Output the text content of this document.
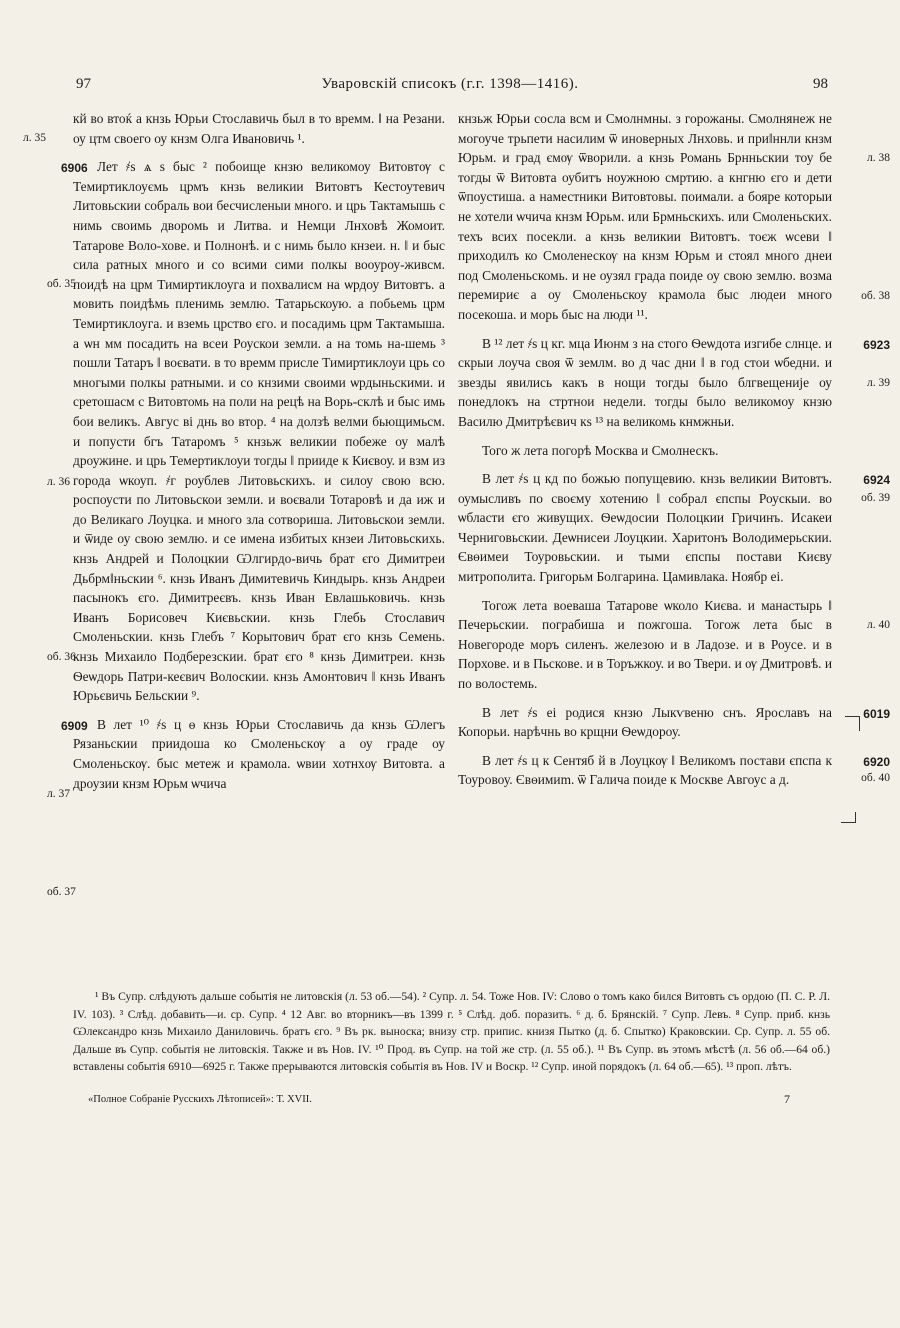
97	Уваровскій списокъ (г.г. 1398—1416).	98

л. 35
кй во втоќ а кнзь Юрьи Стославичь был в то времм. ‖ на Резани. оу цтм своего оу кнзм Олга Ивановичь ¹.

6906
об. 35
л. 36
об. 36
л. 37
об. 37
Лет ҂ѕ ѧ ѕ быс ² побоище кнзю великомоу Витовтѹ с Темиртиклоуємь црмъ кнзь великии Витовтъ Кестоутевич Литовьскии собраль вои бесчисленыи много. и црь Тактамышь с нимь своимь дворомь и Литва. и Немци Лнховѣ Жомоит. Татарове Воло-хове. и Полнонѣ. и с нимь было кнзеи. н. ‖ и быс сила ратных много и со всими сими полкы вооуроу-живсм. поидѣ на црм Тимиртиклоуга и похвалисм на ѡрдоу Витовтъ. а мовить поидѣмь пленимь землю. Татарьскоую. а побьемь црм Темиртиклоуга. и вземь црство єго. и посадимь црм Тактамыша. а ѡн мм посадить на всеи Роускои земли. а на томь на-шемь ³ пошли Татаръ ‖ воєвати. в то времм присле Тимиртиклоуи црь со многыми полкы ратными. и со кнзими своими ѡрдыньскими. и сретошасм с Витовтомь на поли на рецѣ на Ворь-склѣ и быс имь бои великъ. Авгус ві днь во втор. ⁴ на долзѣ велми бьющимьсм. и попусти бгъ Татаромъ ⁵ кнзьж великии побеже оу малѣ дроужине. и црь Темертиклоуи тогды ‖ прииде к Києвоу. и взм из города ѡкоуп. ҂г роублев Литовьскихъ. и силоу свою всю. роспоусти по Литовьскои земли. и воєвали Тотаровѣ и да иж и до Великаго Лоуцка. и много зла сотвориша. Литовьскои земли. и ѿиде оу свою землю. и се имена избитых кнзеи Литовьскихь. кнзь Андрей и Полоцкии Ѡлгирдо-вичь брат єго Димитреи Дьбрм‖ньскии ⁶. кнзь Иванъ Димитевичь Киндырь. кнзь Андреи пасынокъ єго. Димитреєвъ. кнзь Иван Евлашьковичь. кнзь Иванъ Борисовеч Києвьскии. кнзь Глебь Стославич Смоленьскии. кнзь Глебъ ⁷ Корытович брат єго кнзь Семень. кнзь Михаило Подберезскии. брат єго ⁸ кнзь Димитреи. кнзь Ѳеѡдорь Патри-кеєвич Волоскии. кнзь Амонтович ‖ кнзь Иванъ Юрьєвичь Бельскии ⁹.

6909 В лет ¹⁰ ҂ѕ ц ѳ кнзь Юрьи Стославичь да кнзь Ѡлегъ Рязаньскии приидоша ко Смоленьскѹ а оу граде оу Смоленьскѹ. быс метеж и крамола. ѡвии хотнхѹ Витовта. а дроузии кнзм Юрьм ѡчича

л. 38
об. 38
кнзьж Юрьи сосла всм и Смолнмны. з горожаны. Смолнянеж не могоуче трьпети насилим ѿ иноверных Лнховь. и при‖ннли кнзм Юрьм. и град ємѹ ѿворили. а кнзь Романь Брнньскии тоу бе тогды ѿ Витовта оубитъ ноужною смртию. а кнгню єго и дети ѿпоустиша. а наместники Витовтовы. поимали. а бояре которыи не хотели ѡчича кнзм Юрьм. или Брмньскихъ. или Смоленьских. техъ всих посекли. а кнзь великии Витовтъ. тоєж ѡсеви ‖ приходилъ ко Смоленескѹ на кнзм Юрьм и стоял много днеи под Смоленьскомь. и не оузял града поиде оу свою землю. возма перемириє а оу Смоленьскоу крамола быс людеи много посекоша. и морь быс на люди ¹¹.

6923
л. 39
В ¹² лет ҂ѕ ц кг. мца Июнм з на стого Ѳеѡдота изгибе слнце. и скрыи лоуча своя ѿ землм. во д час дни ‖ в год стои ѡбедни. и звезды явились какъ в нощи тогды было блгвещеније оу понедлокъ на стртнои недели. тогды было великомоу кнзю Василю Дмитрѣєвич кѕ ¹³ на великомь кнмжньи.

Того ж лета погорѣ Москва и Смолнескъ.

6924
об. 39
В лет ҂ѕ ц кд по божью попущевию. кнзь великии Витовтъ. оумысливъ по своєму хотению ‖ собрал єпспы Роускыи. во ѡбласти єго живущих. Ѳеѡдосии Полоцкии Гричинъ. Исакеи Черниговьскии. Деѡнисеи Лоуцкии. Харитонъ Володимерьскии. Євѳимеи Тоуровьскии. и тыми єпспы постави Києву митрополита. Григорьм Болгарина. Цамивлака. Ноябр еі.

л. 40
Тогож лета воеваша Татарове ѡколо Києва. и манастырь ‖ Печерьскии. пограбиша и пожгоша. Тогож лета быс в Новегороде моръ силенъ. железою и в Ладозе. и в Роусе. и в Порхове. и в Пьскове. и в Торъжкоу. и во Твери. и ѹ Дмитровѣ. и по волостемь.

6019
В лет ҂ѕ еі родися кнзю Лыкѵвеню снъ. Ярославъ на Копорьи. нарѣчнь во крщни Ѳеѡдороу.

6920
об. 40
В лет ҂ѕ ц к Сентяб й в Лоуцкѹ ‖ Великомъ постави єпспа к Тоуровоу. Євѳимиm. ѿ Галича поиде к Москве Авгоус а д.

¹ Въ Супр. слѣдують дальше событія не литовскія (л. 53 об.—54). ² Супр. л. 54. Тоже Нов. IV: Слово о томъ како бился Витовть съ ордою (П. С. Р. Л. IV. 103). ³ Слѣд. добавить—и. ср. Супр. ⁴ 12 Авг. во вторникъ—въ 1399 г. ⁵ Слѣд. доб. поразить. ⁶ д. б. Брянскій. ⁷ Супр. Левъ. ⁸ Супр. приб. кнзь Ѡлександро кнзь Михаило Даниловичь. братъ єго. ⁹ Въ рк. выноска; внизу стр. припис. книзя Пытко (д. б. Спытко) Краковскии. Ср. Супр. л. 55 об. Дальше въ Супр. событія не литовскія. Также и въ Нов. IV. ¹⁰ Прод. въ Супр. на той же стр. (л. 55 об.). ¹¹ Въ Супр. въ этомъ мѣстѣ (л. 56 об.—64 об.) вставлены событія 6910—6925 г. Также прерываются литовскія событія въ Нов. IV и Воскр. ¹² Супр. иной порядокъ (л. 64 об.—65). ¹³ проп. лѣтъ.

«Полное Собраніе Русскихъ Лѣтописей»: Т. XVII.	7
